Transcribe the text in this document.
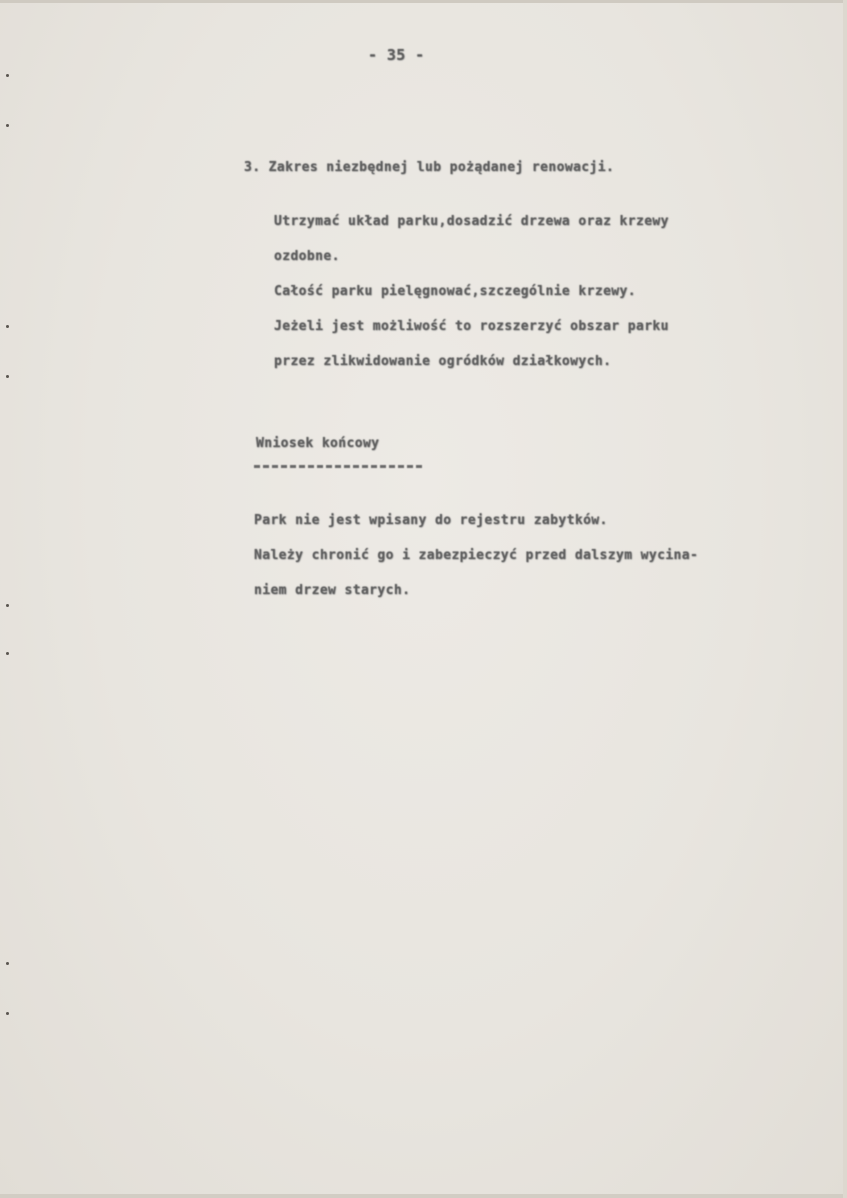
- 35 -

3. Zakres niezbędnej lub pożądanej renowacji.

Utrzymać układ parku,dosadzić drzewa oraz krzewy

ozdobne.

Całość parku pielęgnować,szczególnie krzewy.

Jeżeli jest możliwość to rozszerzyć obszar parku

przez zlikwidowanie ogródków działkowych.

Wniosek końcowy

Park nie jest wpisany do rejestru zabytków.

Należy chronić go i zabezpieczyć przed dalszym wycina-

niem drzew starych.
